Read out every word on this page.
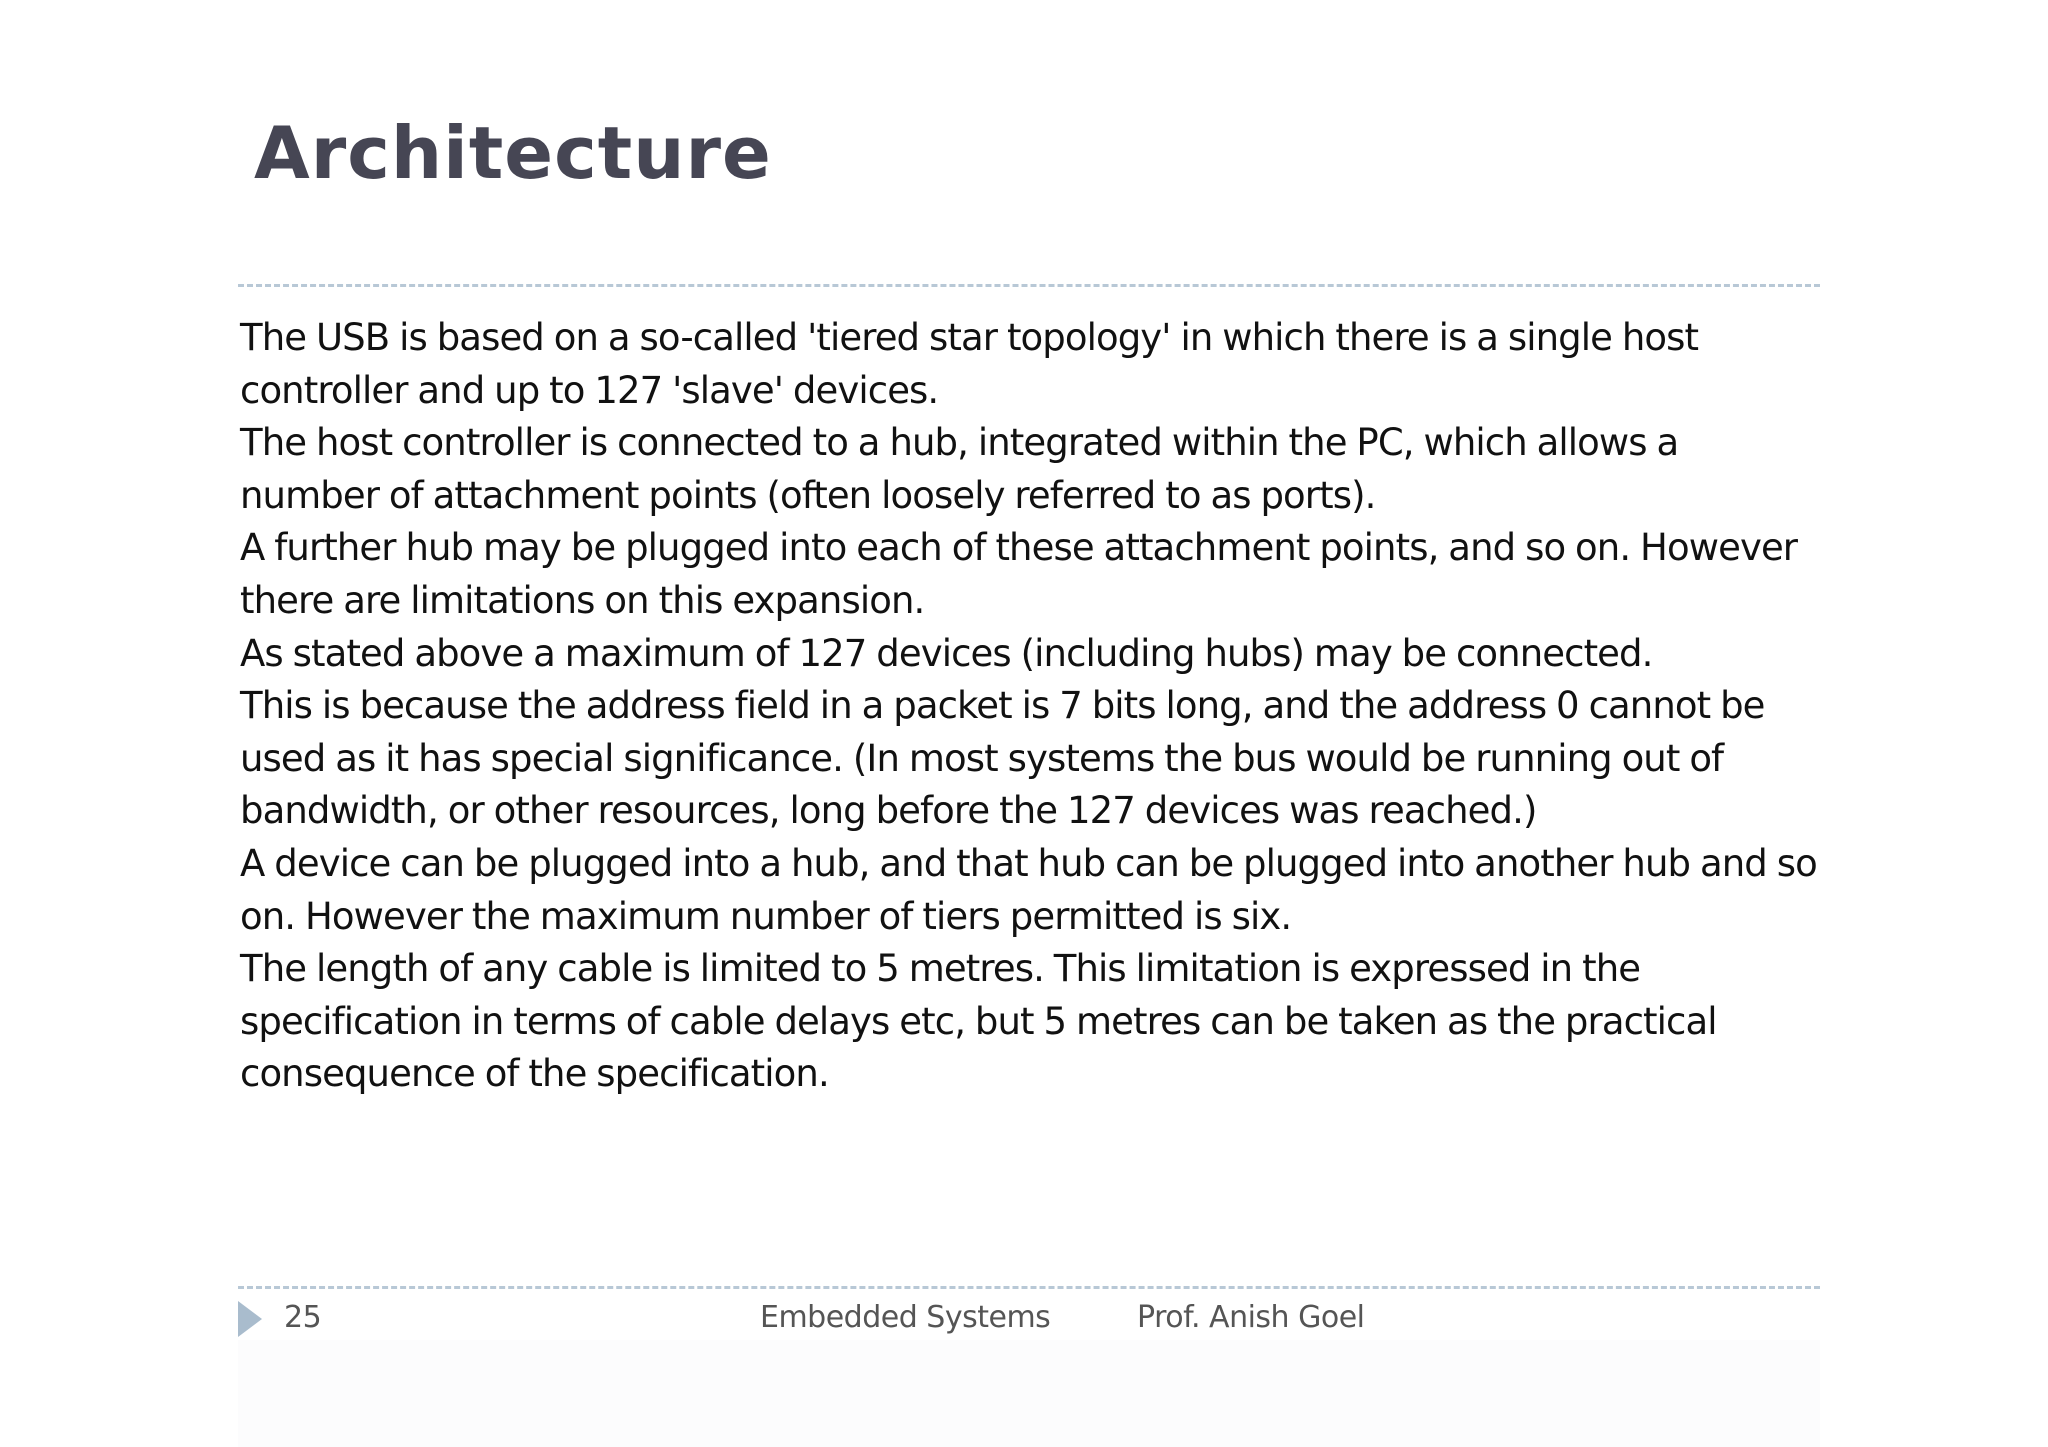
Architecture

The USB is based on a so-called 'tiered star topology' in which there is a single host controller and up to 127 'slave' devices.

The host controller is connected to a hub, integrated within the PC, which allows a number of attachment points (often loosely referred to as ports).

A further hub may be plugged into each of these attachment points, and so on. However there are limitations on this expansion.

As stated above a maximum of 127 devices (including hubs) may be connected.

This is because the address field in a packet is 7 bits long, and the address 0 cannot be used as it has special significance. (In most systems the bus would be running out of bandwidth, or other resources, long before the 127 devices was reached.)

A device can be plugged into a hub, and that hub can be plugged into another hub and so on. However the maximum number of tiers permitted is six.

The length of any cable is limited to 5 metres. This limitation is expressed in the specification in terms of cable delays etc, but 5 metres can be taken as the practical consequence of the specification.

25	Embedded Systems	Prof. Anish Goel
